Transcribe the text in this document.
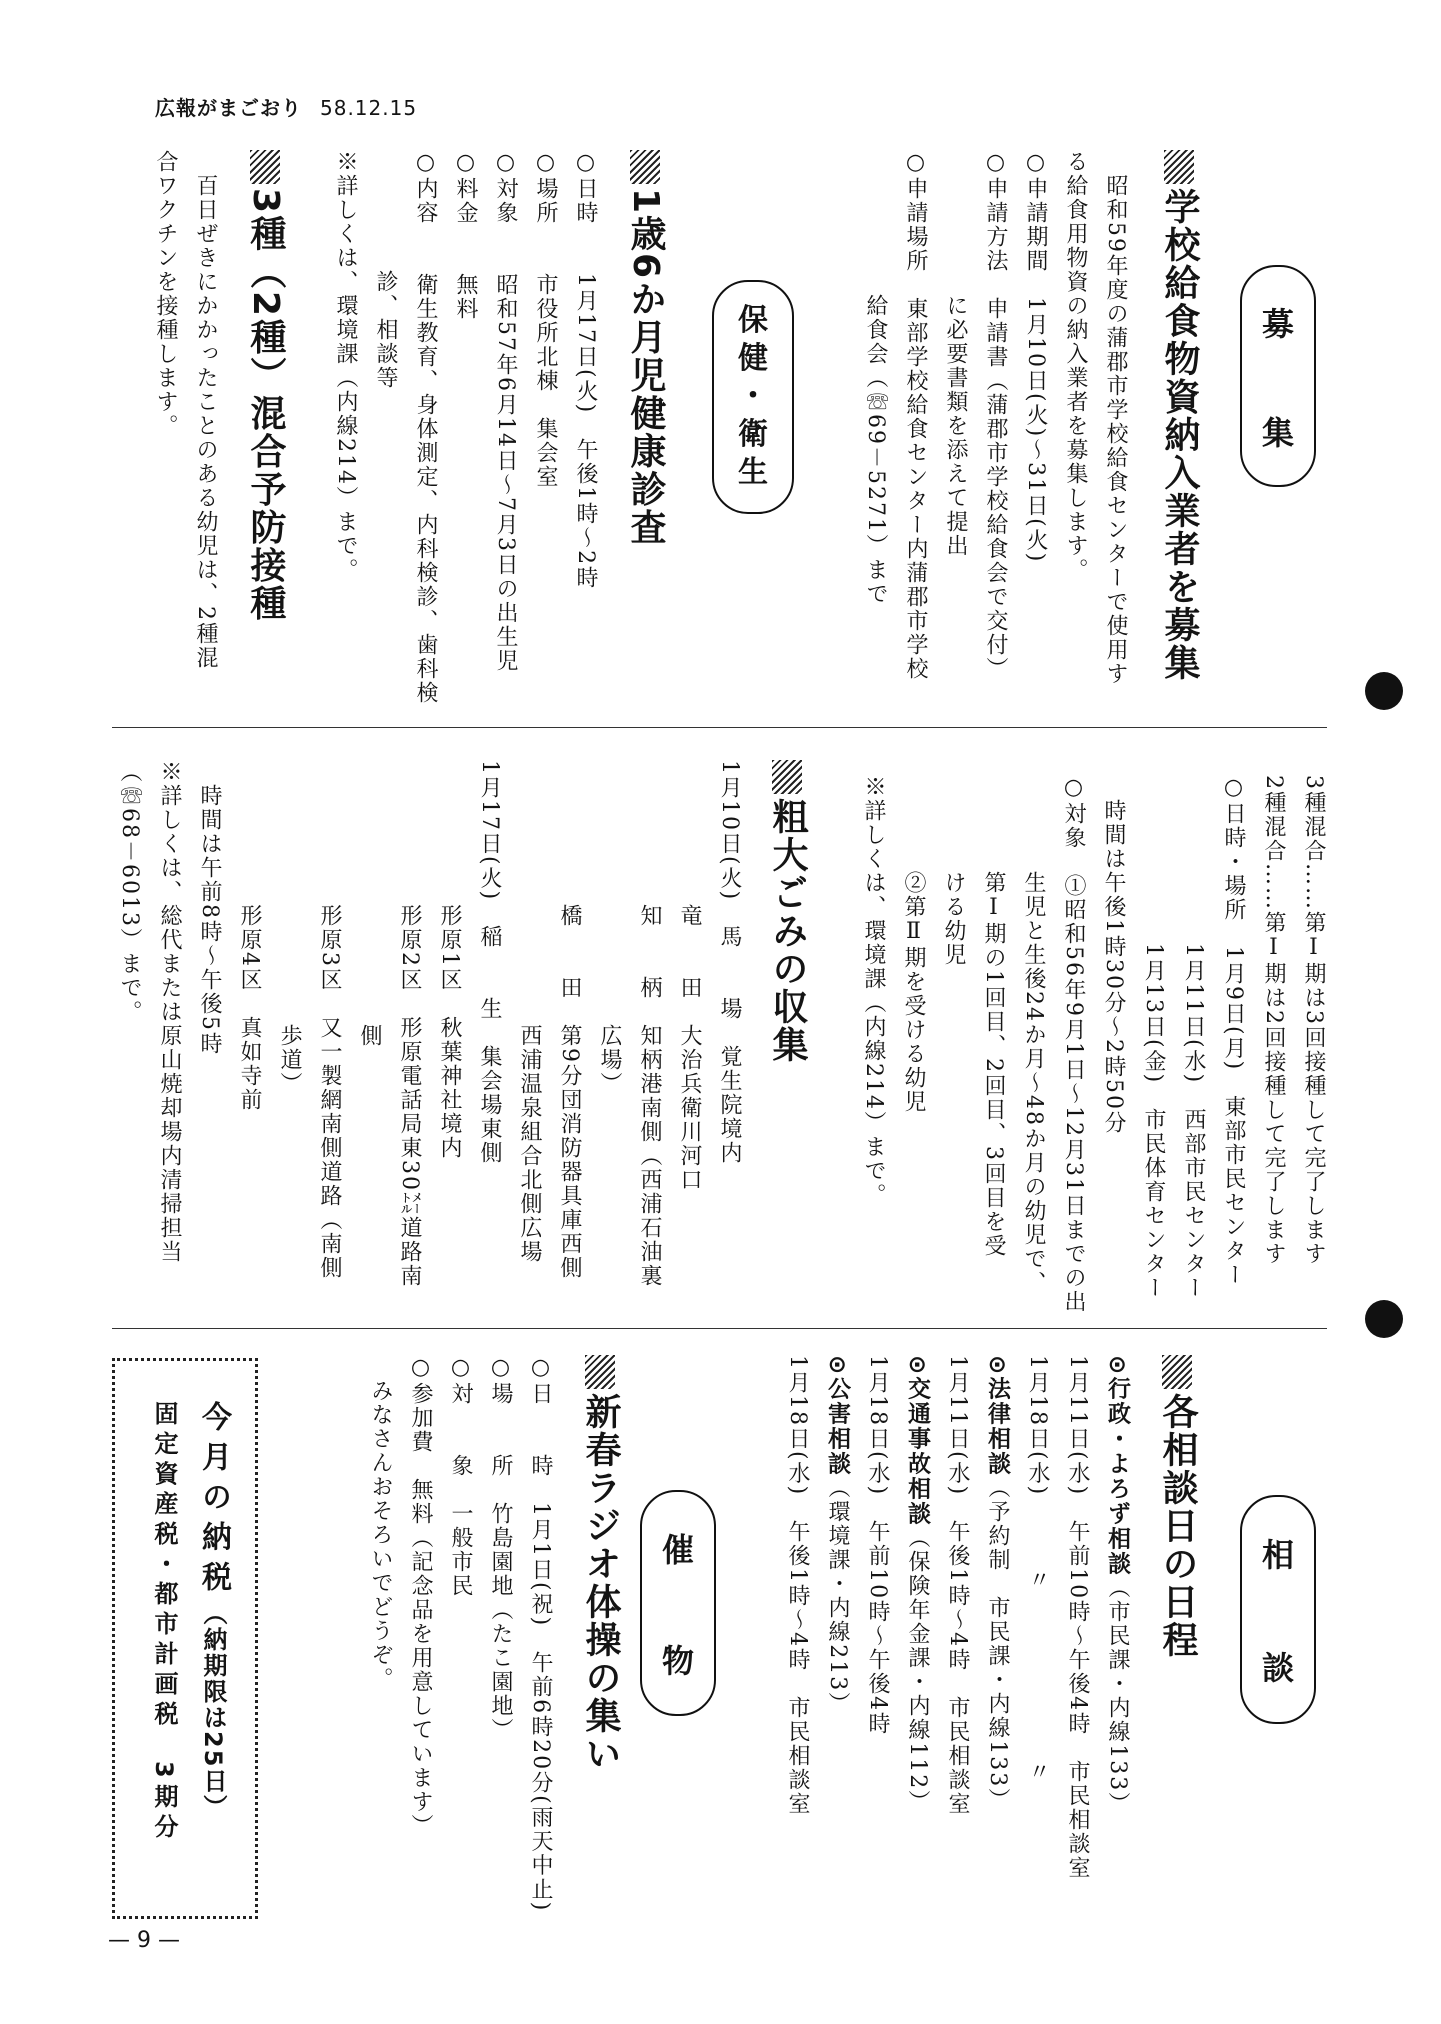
広報がまごおり 58.12.15
募
集
保
健
・
衛
生
相
談
催
物
学校給食物資納入業者を募集
　昭和59年度の蒲郡市学校給食センターで使用す
る給食用物資の納入業者を募集します。
○申請期間　1月10日(火)～31日(火)
○申請方法　申請書（蒲郡市学校給食会で交付）
　　　　　　に必要書類を添えて提出
○申請場所　東部学校給食センター内蒲郡市学校
　　　　　　給食会（☏69－5271）まで
1歳6か月児健康診査
○日時　　1月17日(火)　午後1時～2時
○場所　　市役所北棟　集会室
○対象　　昭和57年6月14日～7月3日の出生児
○料金　　無料
○内容　　衛生教育、身体測定、内科検診、歯科検
　　　　　診、相談等
※詳しくは、環境課（内線214）まで。
3種（2種）混合予防接種
　百日ぜきにかかったことのある幼児は、2種混
合ワクチンを接種します。
3種混合……第Ⅰ期は3回接種して完了します
2種混合……第Ⅰ期は2回接種して完了します
○日時・場所　1月9日(月)　東部市民センター
　　　　　　　1月11日(水)　西部市民センター
　　　　　　　1月13日(金)　市民体育センター
　時間は午後1時30分～2時50分
○対象　①昭和56年9月1日～12月31日までの出
　　　　生児と生後24か月～48か月の幼児で、
　　　　第Ⅰ期の1回目、2回目、3回目を受
　　　　ける幼児
　　　　②第Ⅱ期を受ける幼児
※詳しくは、環境課（内線214）まで。
粗大ごみの収集
1月10日(火)　馬　　場　覚生院境内
　　　　　　竜　　田　大治兵衛川河口
　　　　　　知　　柄　知柄港南側（西浦石油裏
　　　　　　　　　　　広場）
　　　　　　橋　　田　第9分団消防器具庫西側
　　　　　　　　　　　西浦温泉組合北側広場
1月17日(火)　稲　　生　集会場東側
　　　　　　形原1区　秋葉神社境内
　　　　　　形原2区　形原電話局東30㍍道路南
　　　　　　　　　　　側
　　　　　　形原3区　又一製網南側道路（南側
　　　　　　　　　　　歩道）
　　　　　　形原4区　真如寺前
　時間は午前8時～午後5時
※詳しくは、総代または原山焼却場内清掃担当
（☏68－6013）まで。
各相談日の日程
⊙行政・よろず相談（市民課・内線133）
1月11日(水)　午前10時～午後4時　市民相談室
1月18日(水)　　　〃　　　　　　　〃
⊙法律相談（予約制　市民課・内線133）
1月11日(水)　午後1時～4時　市民相談室
⊙交通事故相談（保険年金課・内線112）
1月18日(水)　午前10時～午後4時
⊙公害相談（環境課・内線213）
1月18日(水)　午後1時～4時　市民相談室
新春ラジオ体操の集い
○日　　時　1月1日(祝)　午前6時20分(雨天中止)
○場　　所　竹島園地（たこ園地）
○対　　象　一般市民
○参加費　無料（記念品を用意しています）
　みなさんおそろいでどうぞ。
今月の納税（納期限は25日）
固定資産税・都市計画税　3期分
— 9 —
